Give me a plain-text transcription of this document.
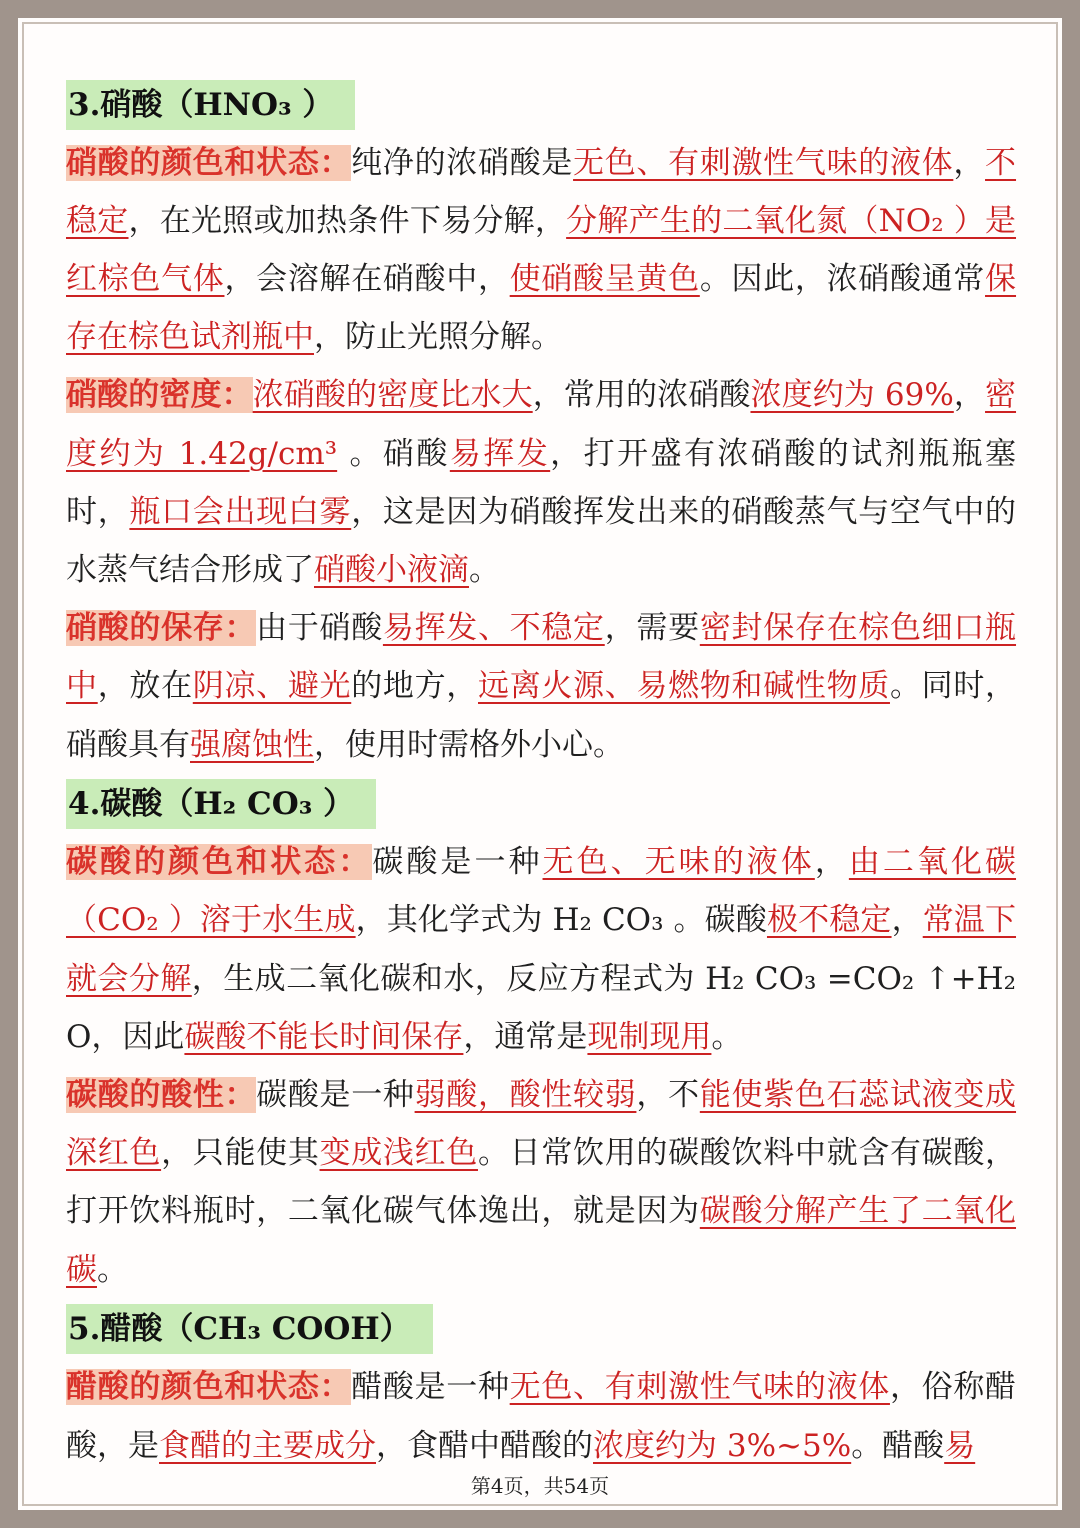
3.硝酸（HNO₃ ）

硝酸的颜色和状态：纯净的浓硝酸是无色、有刺激性气味的液体，不稳定，在光照或加热条件下易分解，分解产生的二氧化氮（NO₂ ）是红棕色气体，会溶解在硝酸中，使硝酸呈黄色。因此，浓硝酸通常保存在棕色试剂瓶中，防止光照分解。

硝酸的密度：浓硝酸的密度比水大，常用的浓硝酸浓度约为 69%，密度约为 1.42g/cm³ 。硝酸易挥发，打开盛有浓硝酸的试剂瓶瓶塞时，瓶口会出现白雾，这是因为硝酸挥发出来的硝酸蒸气与空气中的水蒸气结合形成了硝酸小液滴。

硝酸的保存：由于硝酸易挥发、不稳定，需要密封保存在棕色细口瓶中，放在阴凉、避光的地方，远离火源、易燃物和碱性物质。同时，硝酸具有强腐蚀性，使用时需格外小心。

4.碳酸（H₂ CO₃ ）

碳酸的颜色和状态：碳酸是一种无色、无味的液体，由二氧化碳（CO₂ ）溶于水生成，其化学式为 H₂ CO₃ 。碳酸极不稳定，常温下就会分解，生成二氧化碳和水，反应方程式为 H₂ CO₃ =CO₂ ↑+H₂ O，因此碳酸不能长时间保存，通常是现制现用。

碳酸的酸性：碳酸是一种弱酸，酸性较弱，不能使紫色石蕊试液变成深红色，只能使其变成浅红色。日常饮用的碳酸饮料中就含有碳酸，打开饮料瓶时，二氧化碳气体逸出，就是因为碳酸分解产生了二氧化碳。

5.醋酸（CH₃ COOH）

醋酸的颜色和状态：醋酸是一种无色、有刺激性气味的液体，俗称醋酸，是食醋的主要成分，食醋中醋酸的浓度约为 3%~5%。醋酸易

第4页，共54页
